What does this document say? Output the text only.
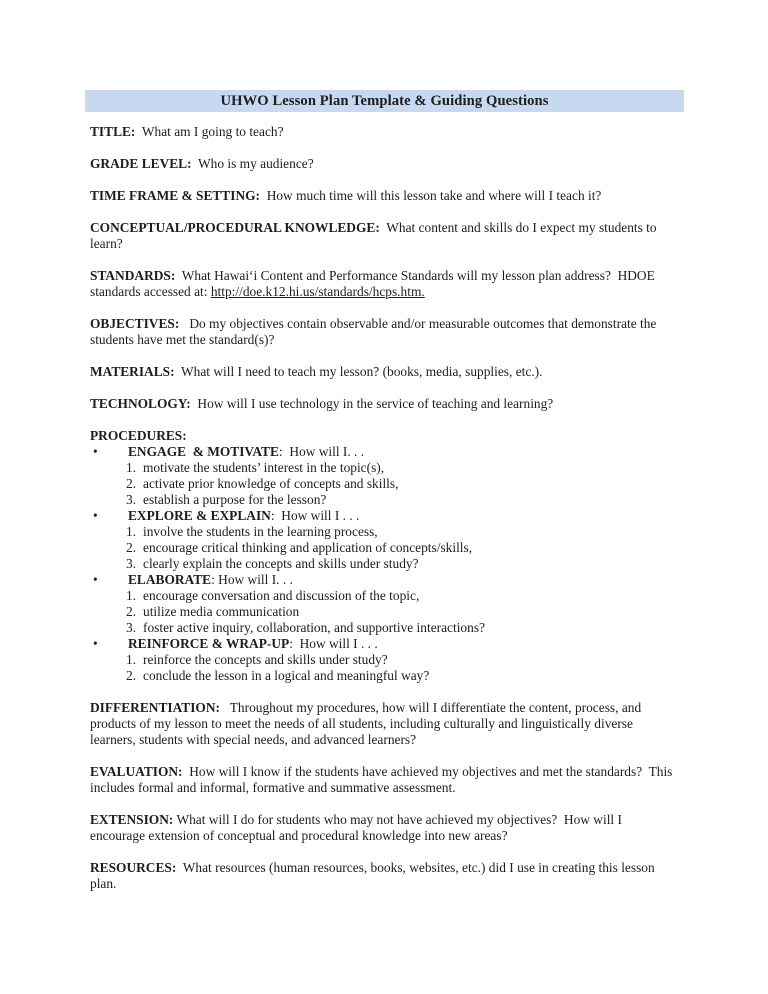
UHWO Lesson Plan Template & Guiding Questions

TITLE:  What am I going to teach?

GRADE LEVEL:  Who is my audience?

TIME FRAME & SETTING:  How much time will this lesson take and where will I teach it?

CONCEPTUAL/PROCEDURAL KNOWLEDGE:  What content and skills do I expect my students to learn?

STANDARDS:  What Hawai‘i Content and Performance Standards will my lesson plan address?  HDOE standards accessed at: http://doe.k12.hi.us/standards/hcps.htm.

OBJECTIVES:   Do my objectives contain observable and/or measurable outcomes that demonstrate the students have met the standard(s)?

MATERIALS:  What will I need to teach my lesson? (books, media, supplies, etc.).

TECHNOLOGY:  How will I use technology in the service of teaching and learning?

PROCEDURES:

•	ENGAGE  & MOTIVATE:  How will I. . .
1. motivate the students’ interest in the topic(s),
2. activate prior knowledge of concepts and skills,
3. establish a purpose for the lesson?
•	EXPLORE & EXPLAIN:  How will I . . .
1. involve the students in the learning process,
2. encourage critical thinking and application of concepts/skills,
3. clearly explain the concepts and skills under study?
•	ELABORATE: How will I. . .
1. encourage conversation and discussion of the topic,
2. utilize media communication
3. foster active inquiry, collaboration, and supportive interactions?
•	REINFORCE & WRAP-UP:  How will I . . .
1. reinforce the concepts and skills under study?
2. conclude the lesson in a logical and meaningful way?

DIFFERENTIATION:   Throughout my procedures, how will I differentiate the content, process, and products of my lesson to meet the needs of all students, including culturally and linguistically diverse learners, students with special needs, and advanced learners?

EVALUATION:  How will I know if the students have achieved my objectives and met the standards?  This includes formal and informal, formative and summative assessment.

EXTENSION: What will I do for students who may not have achieved my objectives?  How will I encourage extension of conceptual and procedural knowledge into new areas?

RESOURCES:  What resources (human resources, books, websites, etc.) did I use in creating this lesson plan.
